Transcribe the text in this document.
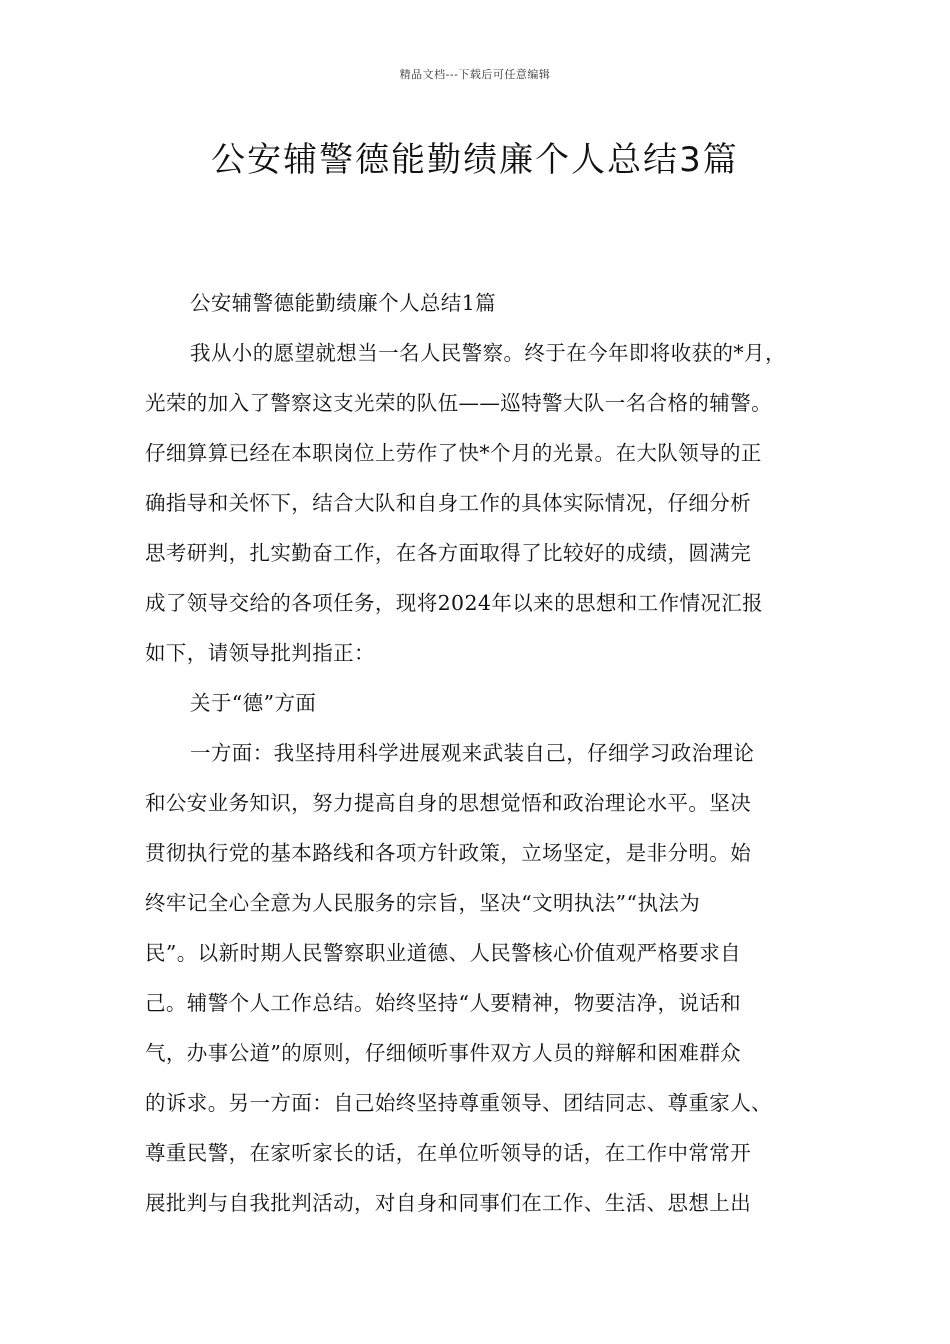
精品文档---下载后可任意编辑
公安辅警德能勤绩廉个人总结3篇
公安辅警德能勤绩廉个人总结1篇
我从小的愿望就想当一名人民警察。终于在今年即将收获的*月，
光荣的加入了警察这支光荣的队伍——巡特警大队一名合格的辅警。
仔细算算已经在本职岗位上劳作了快*个月的光景。在大队领导的正
确指导和关怀下，结合大队和自身工作的具体实际情况，仔细分析
思考研判，扎实勤奋工作，在各方面取得了比较好的成绩，圆满完
成了领导交给的各项任务，现将2024年以来的思想和工作情况汇报
如下，请领导批判指正：
关于“德”方面
一方面：我坚持用科学进展观来武装自己，仔细学习政治理论
和公安业务知识，努力提高自身的思想觉悟和政治理论水平。坚决
贯彻执行党的基本路线和各项方针政策，立场坚定，是非分明。始
终牢记全心全意为人民服务的宗旨，坚决“文明执法”“执法为
民”。以新时期人民警察职业道德、人民警核心价值观严格要求自
己。辅警个人工作总结。始终坚持“人要精神，物要洁净，说话和
气，办事公道”的原则，仔细倾听事件双方人员的辩解和困难群众
的诉求。另一方面：自己始终坚持尊重领导、团结同志、尊重家人、
尊重民警，在家听家长的话，在单位听领导的话，在工作中常常开
展批判与自我批判活动，对自身和同事们在工作、生活、思想上出
